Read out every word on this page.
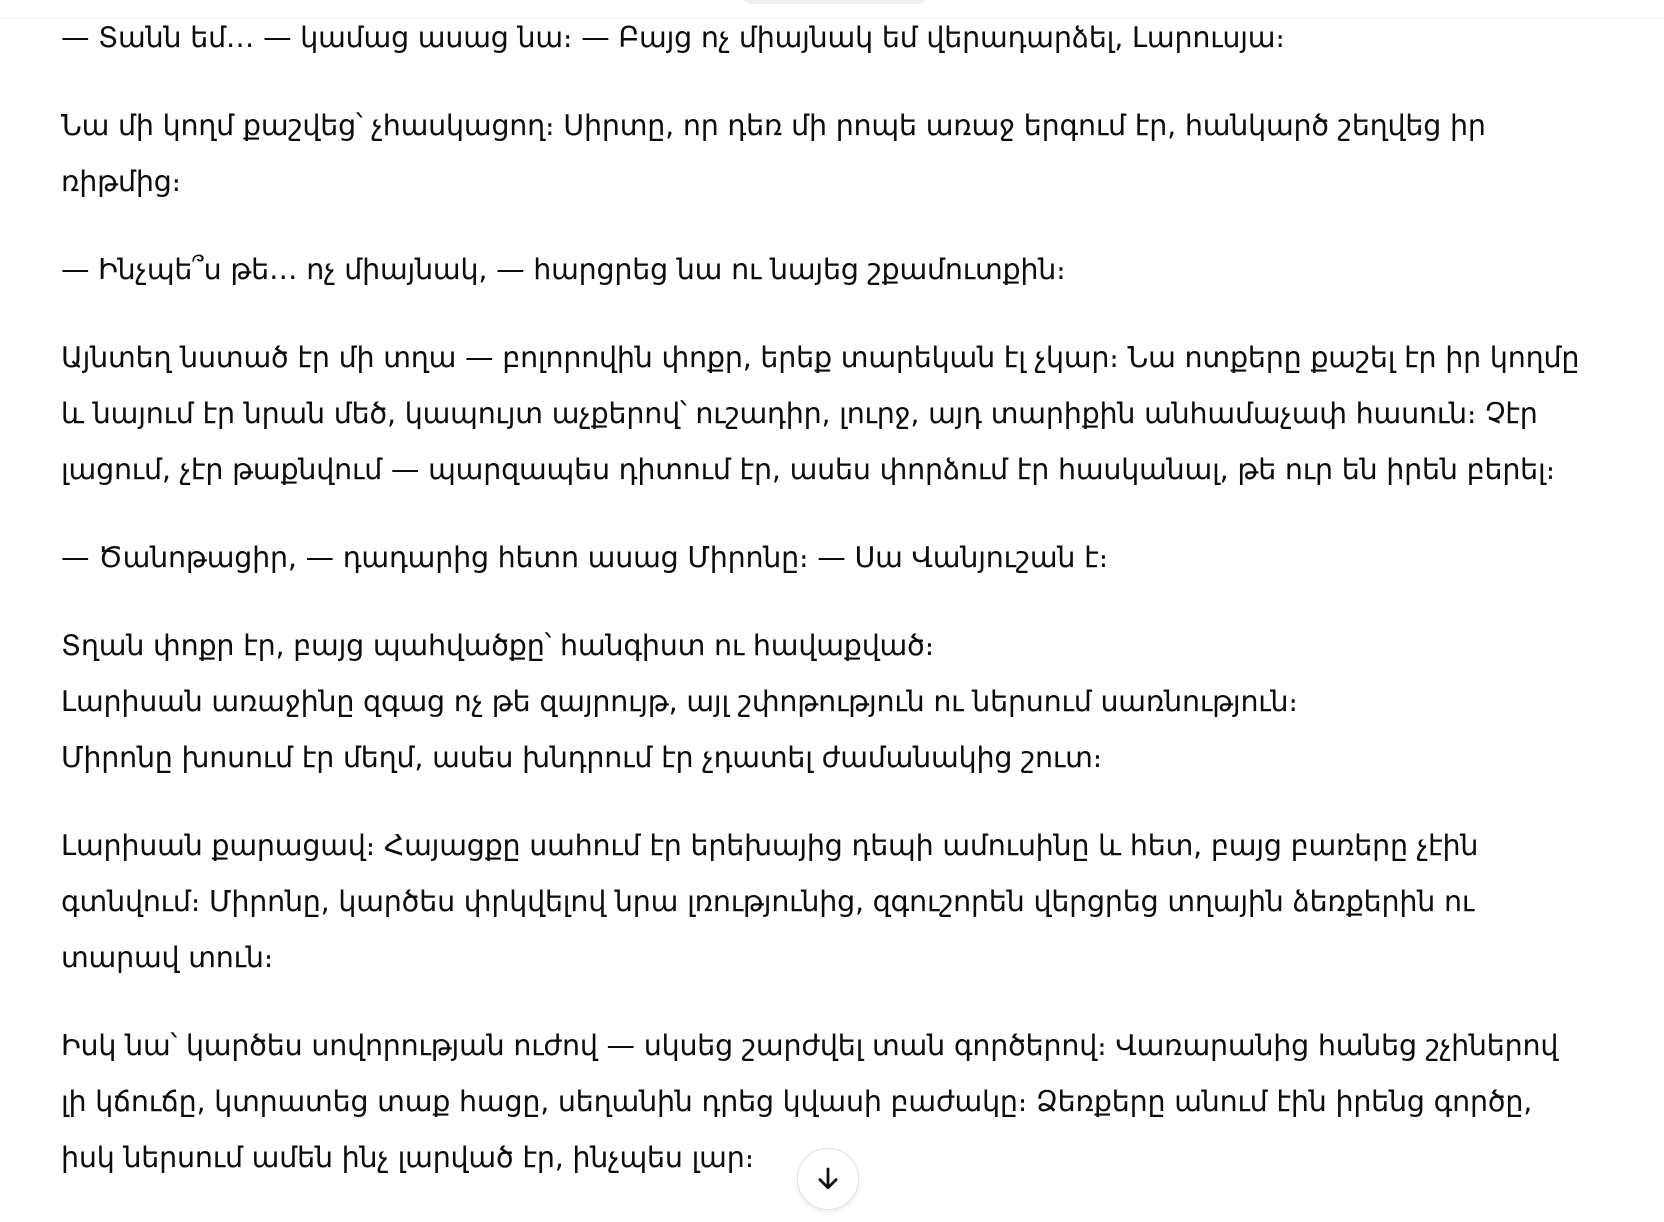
— Տանն եմ… — կամաց ասաց նա։ — Բայց ոչ միայնակ եմ վերադարձել, Լարուսյա։

Նա մի կողմ քաշվեց՝ չհասկացող։ Սիրտը, որ դեռ մի րոպե առաջ երգում էր, հանկարծ շեղվեց իր
ռիթմից։

— Ինչպե՞ս թե… ոչ միայնակ, — հարցրեց նա ու նայեց շքամուտքին։

Այնտեղ նստած էր մի տղա — բոլորովին փոքր, երեք տարեկան էլ չկար։ Նա ոտքերը քաշել էր իր կողմը
և նայում էր նրան մեծ, կապույտ աչքերով՝ ուշադիր, լուրջ, այդ տարիքին անհամաչափ հասուն։ Չէր
լացում, չէր թաքնվում — պարզապես դիտում էր, ասես փորձում էր հասկանալ, թե ուր են իրեն բերել։

— Ծանոթացիր, — դադարից հետո ասաց Միրոնը։ — Սա Վանյուշան է։

Տղան փոքր էր, բայց պահվածքը՝ հանգիստ ու հավաքված։
Լարիսան առաջինը զգաց ոչ թե զայրույթ, այլ շփոթություն ու ներսում սառնություն։
Միրոնը խոսում էր մեղմ, ասես խնդրում էր չդատել ժամանակից շուտ։

Լարիսան քարացավ։ Հայացքը սահում էր երեխայից դեպի ամուսինը և հետ, բայց բառերը չէին
գտնվում։ Միրոնը, կարծես փրկվելով նրա լռությունից, զգուշորեն վերցրեց տղային ձեռքերին ու
տարավ տուն։

Իսկ նա՝ կարծես սովորության ուժով — սկսեց շարժվել տան գործերով։ Վառարանից հանեց շչիներով
լի կճուճը, կտրատեց տաք հացը, սեղանին դրեց կվասի բաժակը։ Ձեռքերը անում էին իրենց գործը,
իսկ ներսում ամեն ինչ լարված էր, ինչպես լար։
